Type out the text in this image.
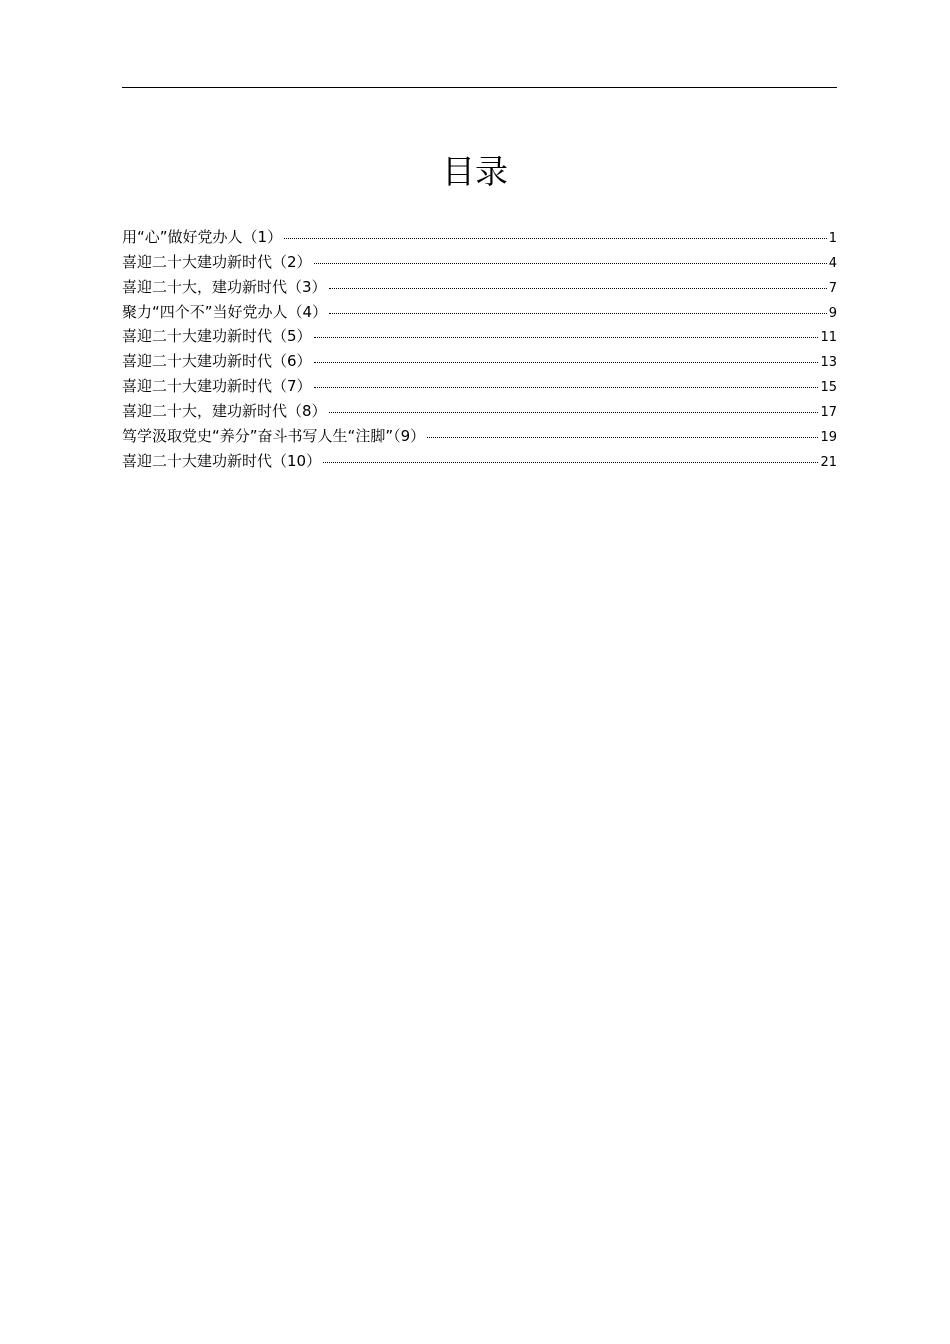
目录
用“心”做好党办人（1）	1
喜迎二十大建功新时代（2）	4
喜迎二十大，建功新时代（3）	7
聚力“四个不”当好党办人（4）	9
喜迎二十大建功新时代（5）	11
喜迎二十大建功新时代（6）	13
喜迎二十大建功新时代（7）	15
喜迎二十大，建功新时代（8）	17
笃学汲取党史“养分”奋斗书写人生“注脚”（9）	19
喜迎二十大建功新时代（10）	21
